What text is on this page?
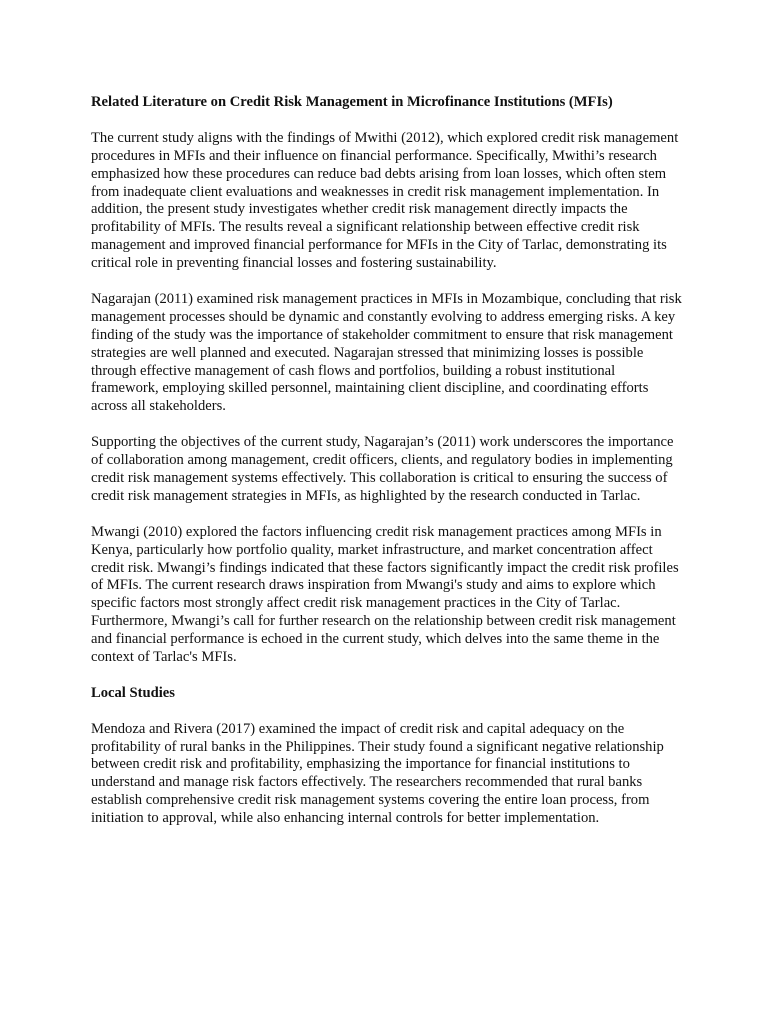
Related Literature on Credit Risk Management in Microfinance Institutions (MFIs)

The current study aligns with the findings of Mwithi (2012), which explored credit risk management procedures in MFIs and their influence on financial performance. Specifically, Mwithi’s research emphasized how these procedures can reduce bad debts arising from loan losses, which often stem from inadequate client evaluations and weaknesses in credit risk management implementation. In addition, the present study investigates whether credit risk management directly impacts the profitability of MFIs. The results reveal a significant relationship between effective credit risk management and improved financial performance for MFIs in the City of Tarlac, demonstrating its critical role in preventing financial losses and fostering sustainability.

Nagarajan (2011) examined risk management practices in MFIs in Mozambique, concluding that risk management processes should be dynamic and constantly evolving to address emerging risks. A key finding of the study was the importance of stakeholder commitment to ensure that risk management strategies are well planned and executed. Nagarajan stressed that minimizing losses is possible through effective management of cash flows and portfolios, building a robust institutional framework, employing skilled personnel, maintaining client discipline, and coordinating efforts across all stakeholders.

Supporting the objectives of the current study, Nagarajan’s (2011) work underscores the importance of collaboration among management, credit officers, clients, and regulatory bodies in implementing credit risk management systems effectively. This collaboration is critical to ensuring the success of credit risk management strategies in MFIs, as highlighted by the research conducted in Tarlac.

Mwangi (2010) explored the factors influencing credit risk management practices among MFIs in Kenya, particularly how portfolio quality, market infrastructure, and market concentration affect credit risk. Mwangi’s findings indicated that these factors significantly impact the credit risk profiles of MFIs. The current research draws inspiration from Mwangi's study and aims to explore which specific factors most strongly affect credit risk management practices in the City of Tarlac. Furthermore, Mwangi’s call for further research on the relationship between credit risk management and financial performance is echoed in the current study, which delves into the same theme in the context of Tarlac's MFIs.

Local Studies

Mendoza and Rivera (2017) examined the impact of credit risk and capital adequacy on the profitability of rural banks in the Philippines. Their study found a significant negative relationship between credit risk and profitability, emphasizing the importance for financial institutions to understand and manage risk factors effectively. The researchers recommended that rural banks establish comprehensive credit risk management systems covering the entire loan process, from initiation to approval, while also enhancing internal controls for better implementation.
